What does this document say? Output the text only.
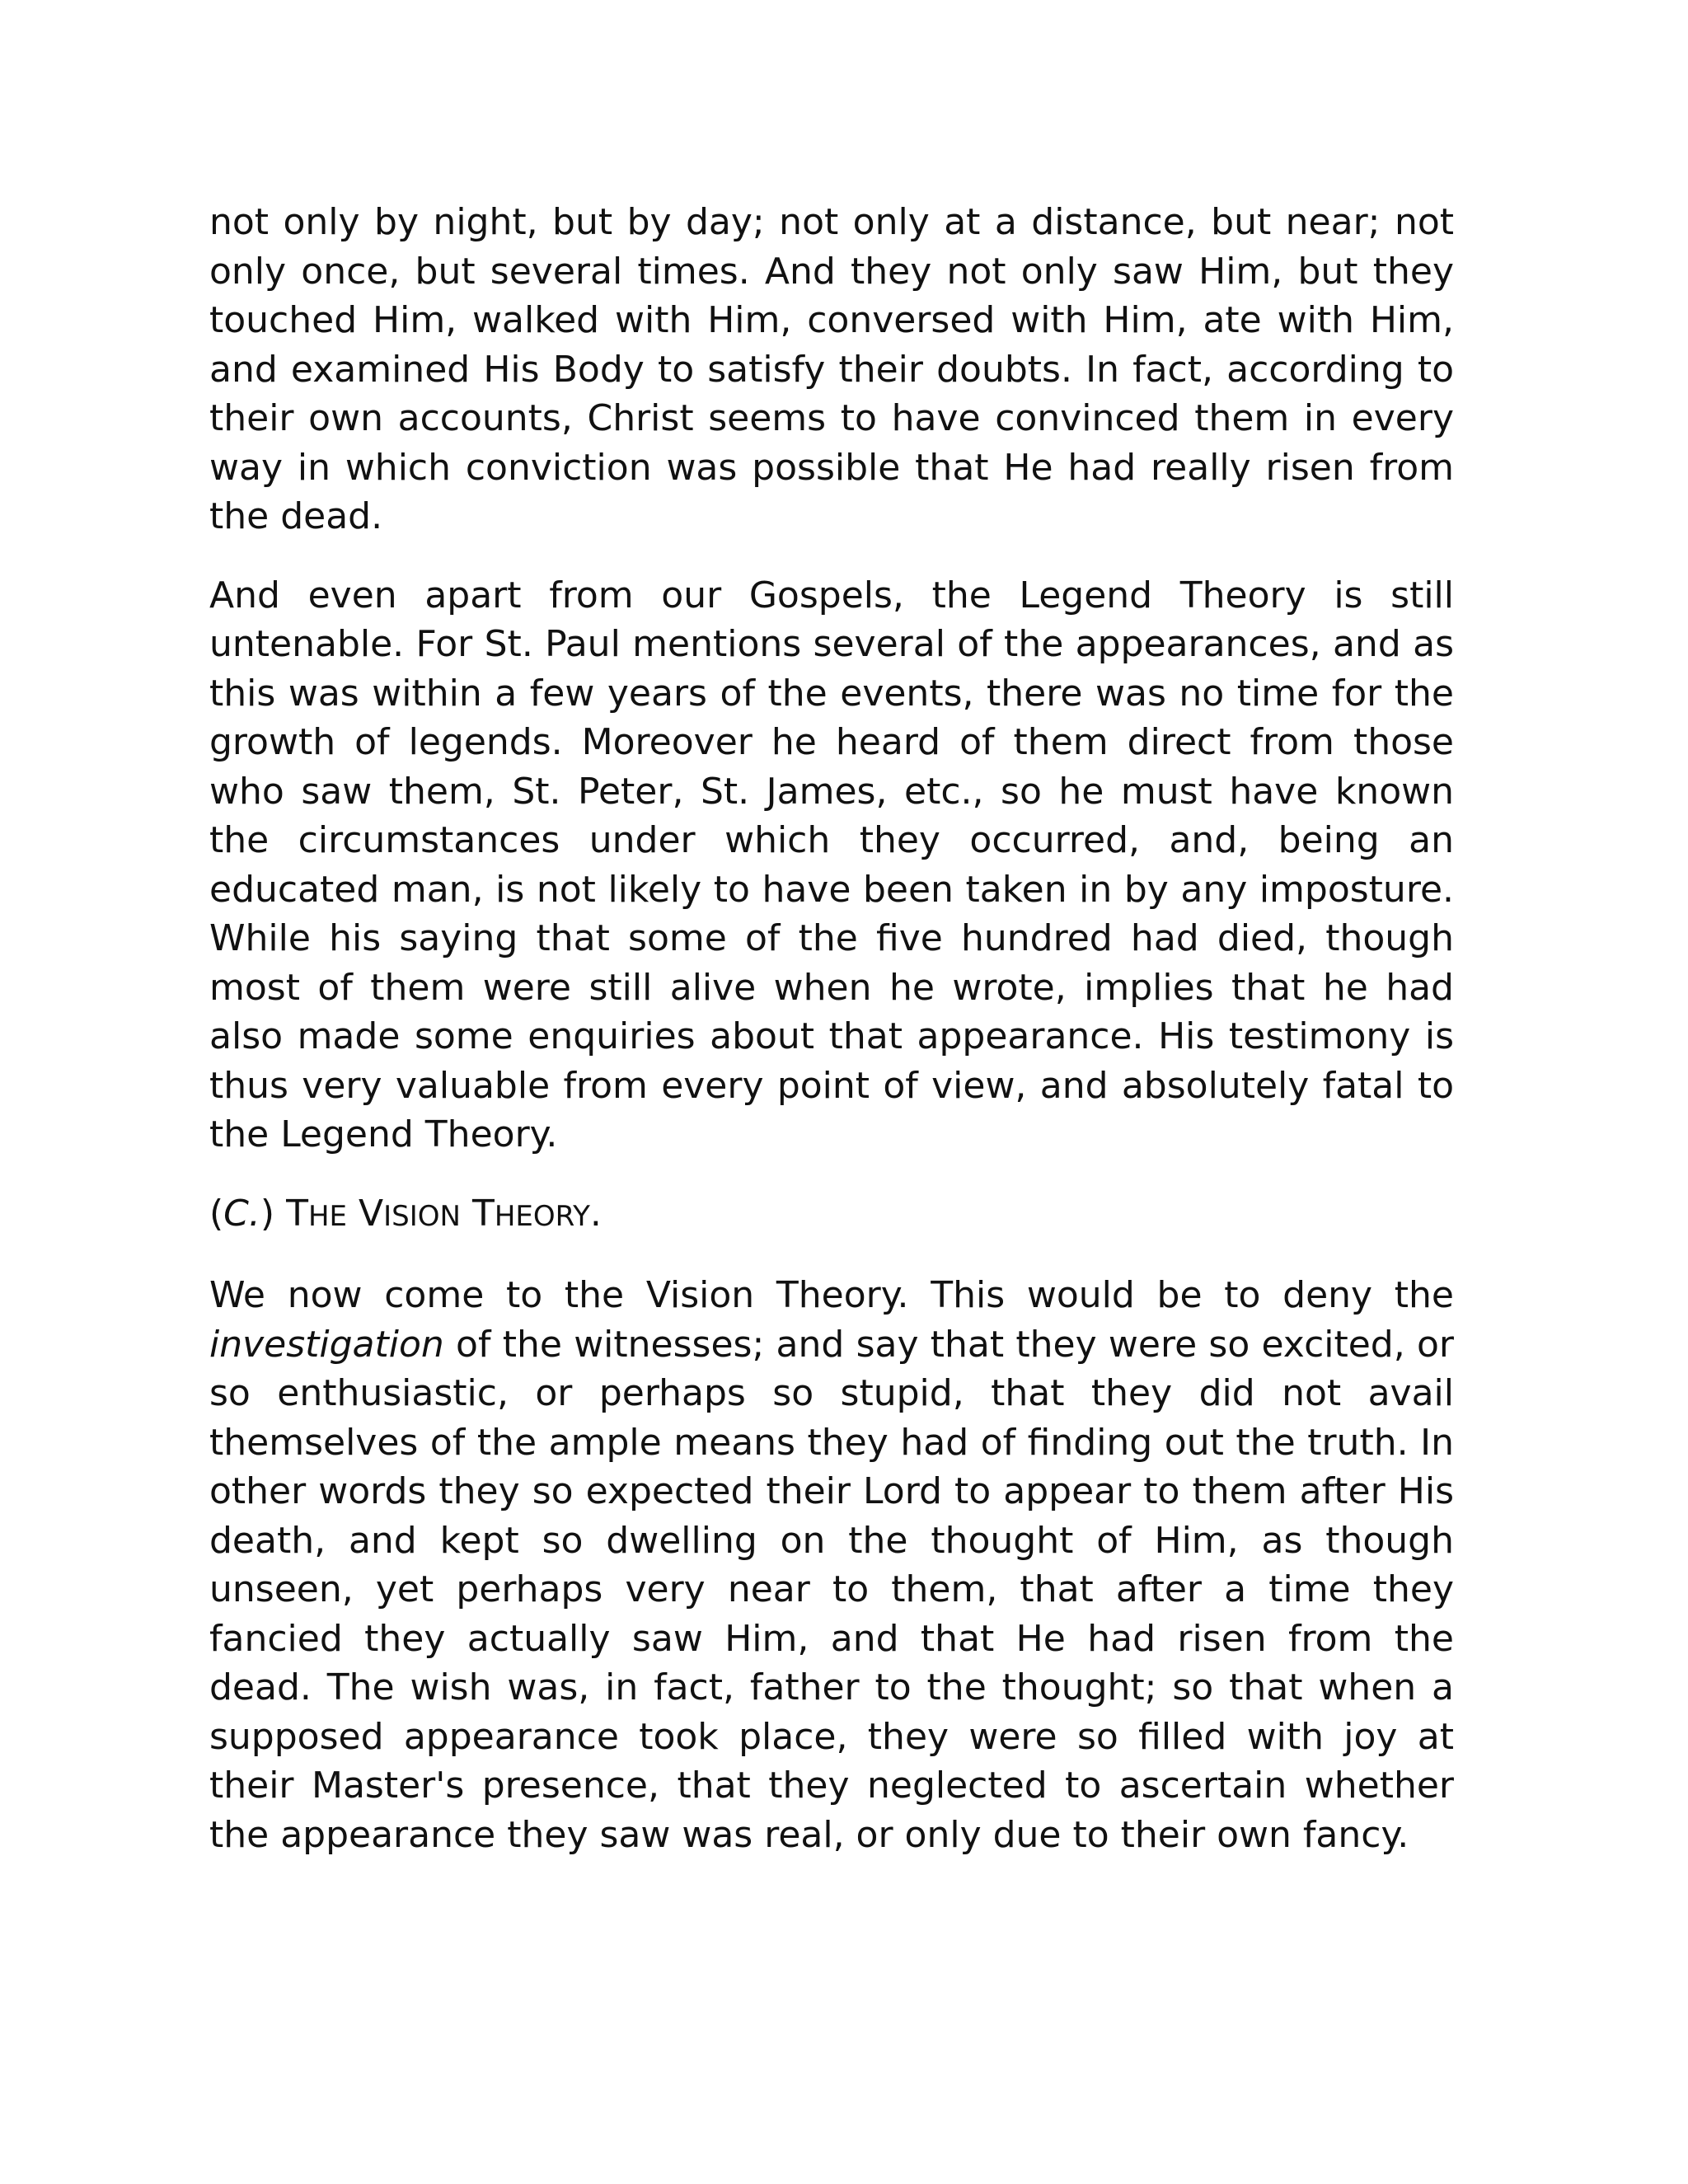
not only by night, but by day; not only at a distance, but near; not only once, but several times. And they not only saw Him, but they touched Him, walked with Him, conversed with Him, ate with Him, and examined His Body to satisfy their doubts. In fact, according to their own accounts, Christ seems to have convinced them in every way in which conviction was possible that He had really risen from the dead.

And even apart from our Gospels, the Legend Theory is still untenable. For St. Paul mentions several of the appearances, and as this was within a few years of the events, there was no time for the growth of legends. Moreover he heard of them direct from those who saw them, St. Peter, St. James, etc., so he must have known the circumstances under which they occurred, and, being an educated man, is not likely to have been taken in by any imposture. While his saying that some of the five hundred had died, though most of them were still alive when he wrote, implies that he had also made some enquiries about that appearance. His testimony is thus very valuable from every point of view, and absolutely fatal to the Legend Theory.

(C.) THE VISION THEORY.

We now come to the Vision Theory. This would be to deny the investigation of the witnesses; and say that they were so excited, or so enthusiastic, or perhaps so stupid, that they did not avail themselves of the ample means they had of finding out the truth. In other words they so expected their Lord to appear to them after His death, and kept so dwelling on the thought of Him, as though unseen, yet perhaps very near to them, that after a time they fancied they actually saw Him, and that He had risen from the dead. The wish was, in fact, father to the thought; so that when a supposed appearance took place, they were so filled with joy at their Master's presence, that they neglected to ascertain whether the appearance they saw was real, or only due to their own fancy.
